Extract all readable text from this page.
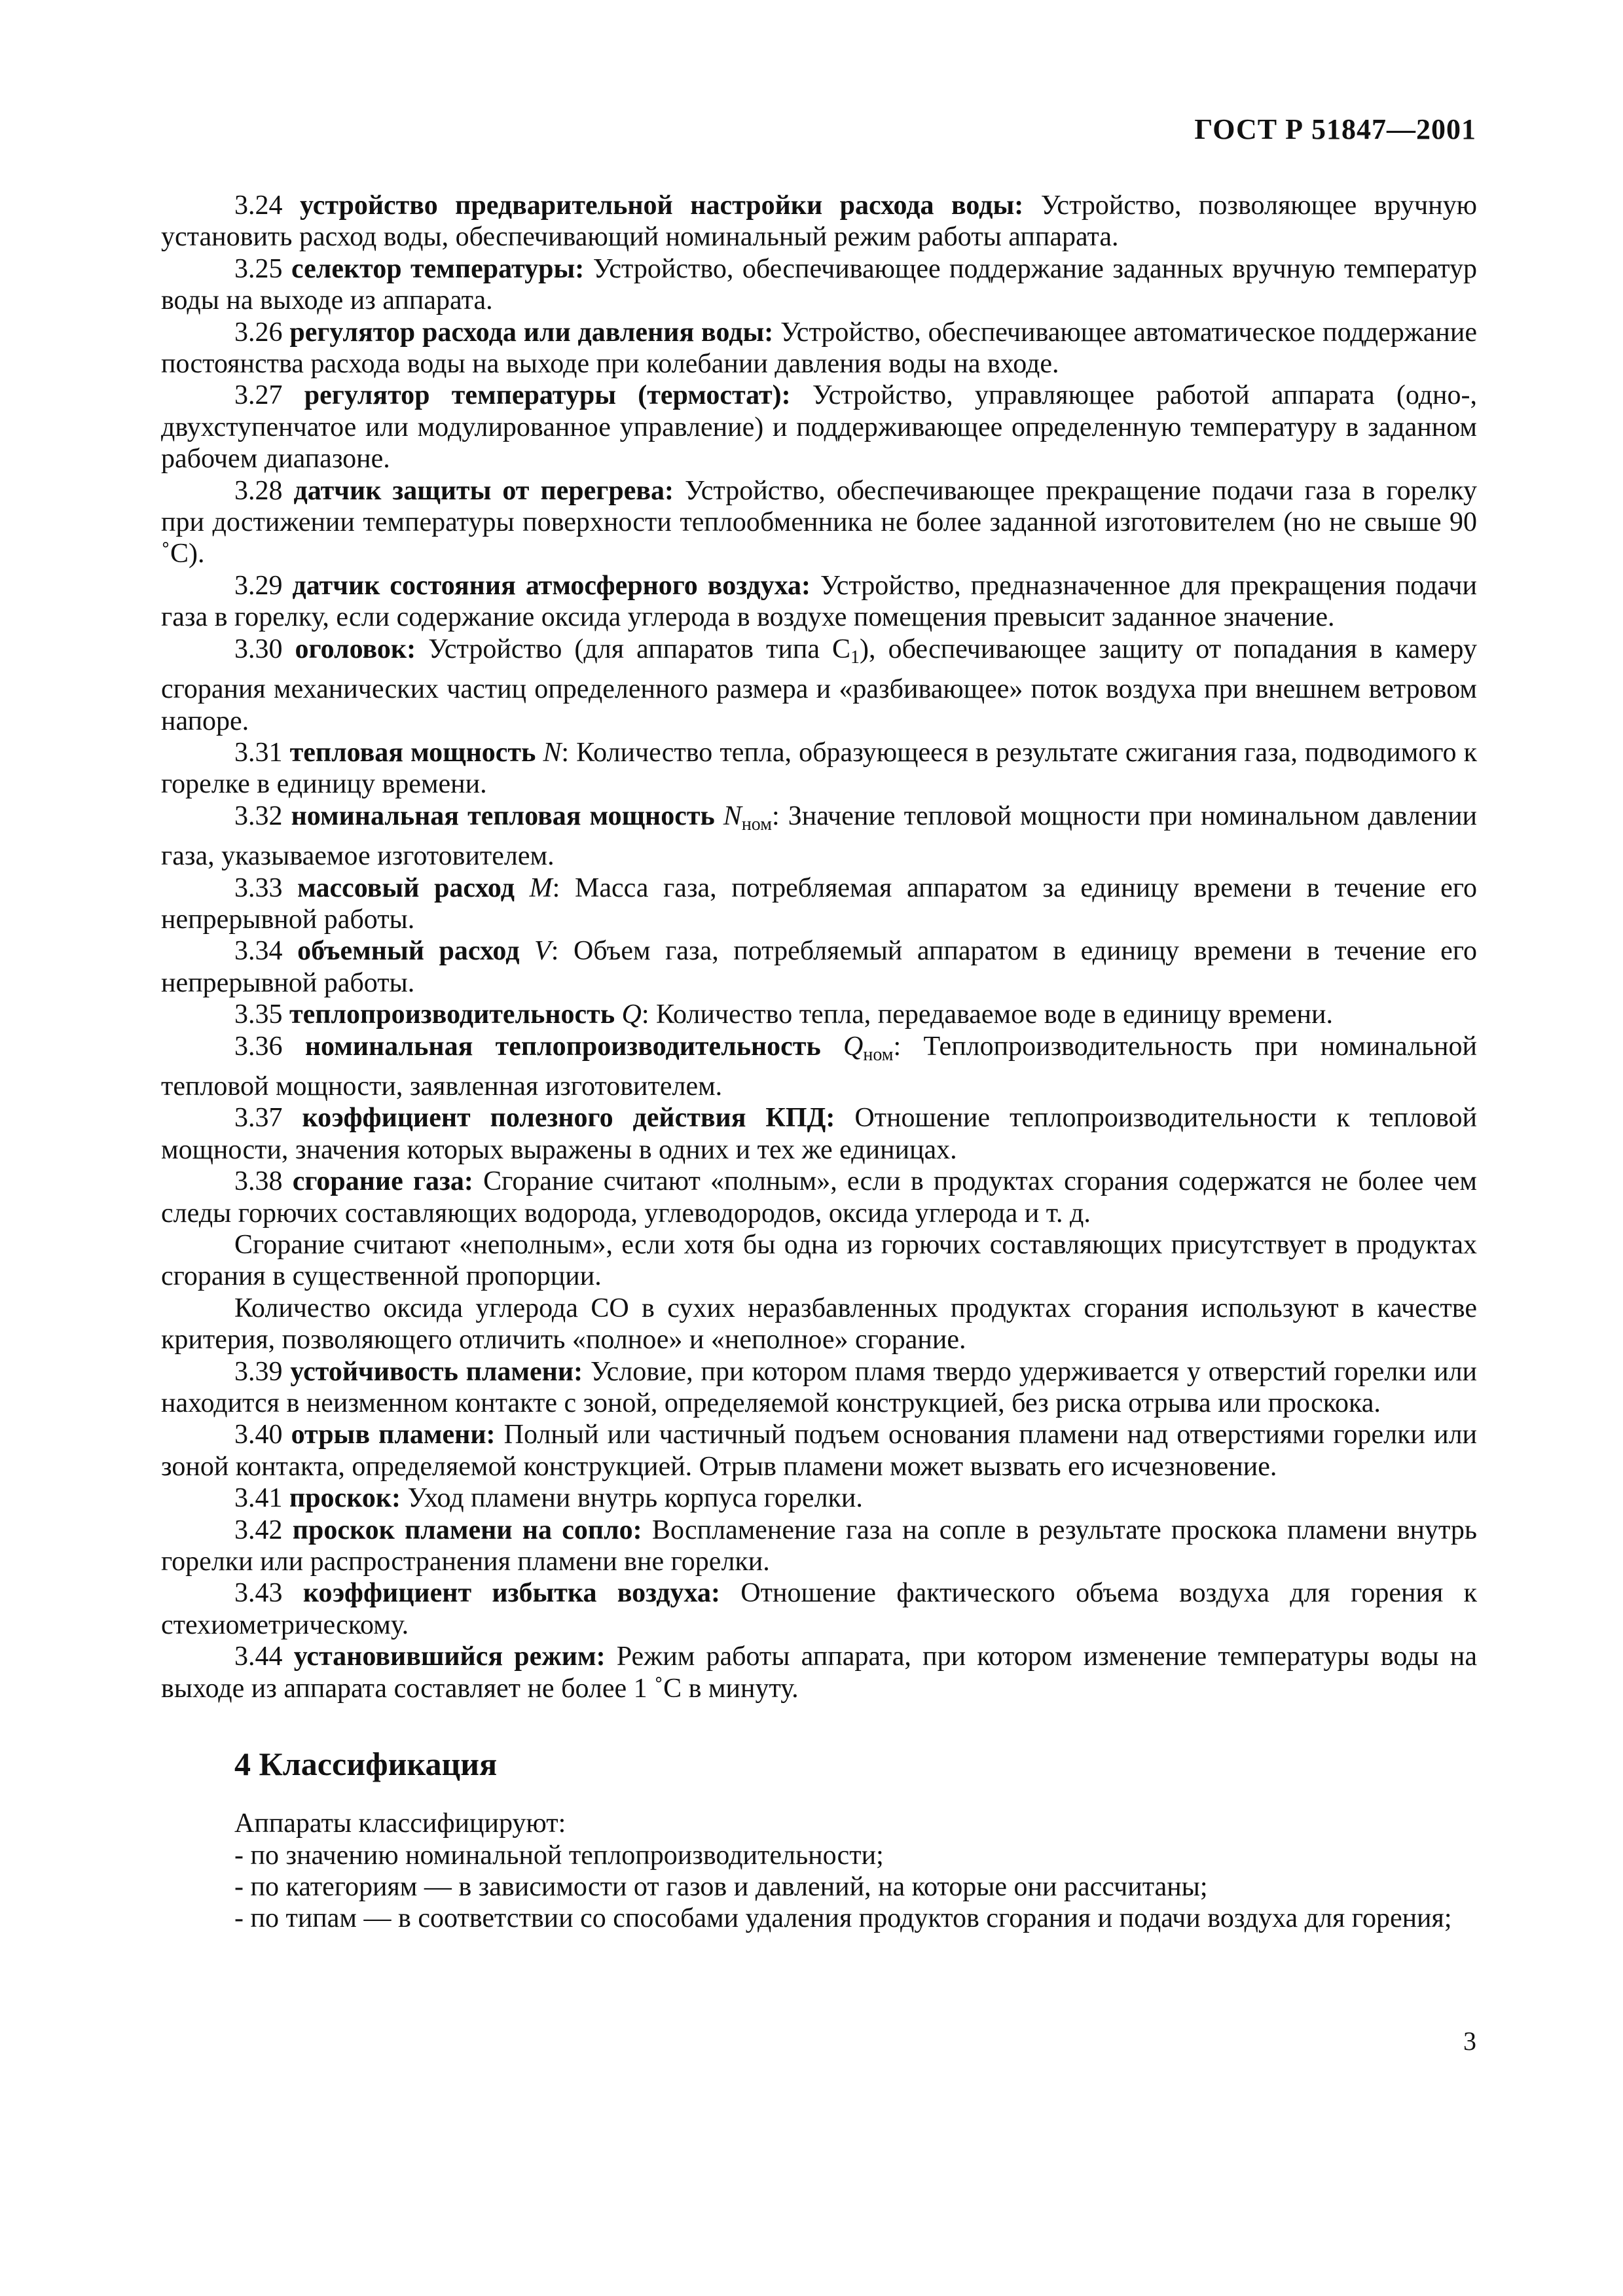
ГОСТ Р 51847—2001

3.24 устройство предварительной настройки расхода воды: Устройство, позволяющее вручную установить расход воды, обеспечивающий номинальный режим работы аппарата.

3.25 селектор температуры: Устройство, обеспечивающее поддержание заданных вручную температур воды на выходе из аппарата.

3.26 регулятор расхода или давления воды: Устройство, обеспечивающее автоматическое поддержание постоянства расхода воды на выходе при колебании давления воды на входе.

3.27 регулятор температуры (термостат): Устройство, управляющее работой аппарата (одно-, двухступенчатое или модулированное управление) и поддерживающее определенную температуру в заданном рабочем диапазоне.

3.28 датчик защиты от перегрева: Устройство, обеспечивающее прекращение подачи газа в горелку при достижении температуры поверхности теплообменника не более заданной изготовителем (но не свыше 90 ˚С).

3.29 датчик состояния атмосферного воздуха: Устройство, предназначенное для прекращения подачи газа в горелку, если содержание оксида углерода в воздухе помещения превысит заданное значение.

3.30 оголовок: Устройство (для аппаратов типа $С_1$), обеспечивающее защиту от попадания в камеру сгорания механических частиц определенного размера и «разбивающее» поток воздуха при внешнем ветровом напоре.

3.31 тепловая мощность N: Количество тепла, образующееся в результате сжигания газа, подводимого к горелке в единицу времени.

3.32 номинальная тепловая мощность $N_{ном}$: Значение тепловой мощности при номинальном давлении газа, указываемое изготовителем.

3.33 массовый расход M: Масса газа, потребляемая аппаратом за единицу времени в течение его непрерывной работы.

3.34 объемный расход V: Объем газа, потребляемый аппаратом в единицу времени в течение его непрерывной работы.

3.35 теплопроизводительность Q: Количество тепла, передаваемое воде в единицу времени.

3.36 номинальная теплопроизводительность $Q_{ном}$: Теплопроизводительность при номинальной тепловой мощности, заявленная изготовителем.

3.37 коэффициент полезного действия КПД: Отношение теплопроизводительности к тепловой мощности, значения которых выражены в одних и тех же единицах.

3.38 сгорание газа: Сгорание считают «полным», если в продуктах сгорания содержатся не более чем следы горючих составляющих водорода, углеводородов, оксида углерода и т. д.

Сгорание считают «неполным», если хотя бы одна из горючих составляющих присутствует в продуктах сгорания в существенной пропорции.

Количество оксида углерода СО в сухих неразбавленных продуктах сгорания используют в качестве критерия, позволяющего отличить «полное» и «неполное» сгорание.

3.39 устойчивость пламени: Условие, при котором пламя твердо удерживается у отверстий горелки или находится в неизменном контакте с зоной, определяемой конструкцией, без риска отрыва или проскока.

3.40 отрыв пламени: Полный или частичный подъем основания пламени над отверстиями горелки или зоной контакта, определяемой конструкцией. Отрыв пламени может вызвать его исчезновение.

3.41 проскок: Уход пламени внутрь корпуса горелки.

3.42 проскок пламени на сопло: Воспламенение газа на сопле в результате проскока пламени внутрь горелки или распространения пламени вне горелки.

3.43 коэффициент избытка воздуха: Отношение фактического объема воздуха для горения к стехиометрическому.

3.44 установившийся режим: Режим работы аппарата, при котором изменение температуры воды на выходе из аппарата составляет не более 1 ˚С в минуту.

4 Классификация

Аппараты классифицируют:

- по значению номинальной теплопроизводительности;

- по категориям — в зависимости от газов и давлений, на которые они рассчитаны;

- по типам — в соответствии со способами удаления продуктов сгорания и подачи воздуха для горения;

3
